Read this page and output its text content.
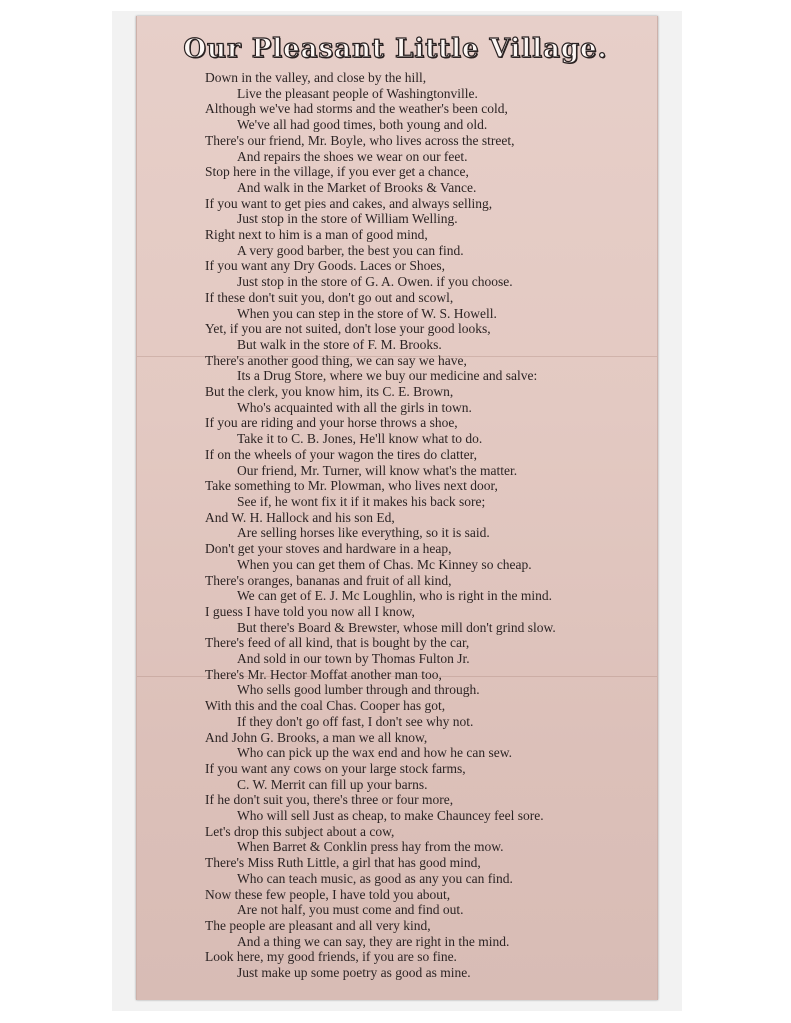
Our Pleasant Little Village.
Down in the valley, and close by the hill,
Live the pleasant people of Washingtonville.
Although we've had storms and the weather's been cold,
We've all had good times, both young and old.
There's our friend, Mr. Boyle, who lives across the street,
And repairs the shoes we wear on our feet.
Stop here in the village, if you ever get a chance,
And walk in the Market of Brooks & Vance.
If you want to get pies and cakes, and always selling,
Just stop in the store of William Welling.
Right next to him is a man of good mind,
A very good barber, the best you can find.
If you want any Dry Goods. Laces or Shoes,
Just stop in the store of G. A. Owen. if you choose.
If these don't suit you, don't go out and scowl,
When you can step in the store of W. S. Howell.
Yet, if you are not suited, don't lose your good looks,
But walk in the store of F. M. Brooks.
There's another good thing, we can say we have,
Its a Drug Store, where we buy our medicine and salve:
But the clerk, you know him, its C. E. Brown,
Who's acquainted with all the girls in town.
If you are riding and your horse throws a shoe,
Take it to C. B. Jones, He'll know what to do.
If on the wheels of your wagon the tires do clatter,
Our friend, Mr. Turner, will know what's the matter.
Take something to Mr. Plowman, who lives next door,
See if, he wont fix it if it makes his back sore;
And W. H. Hallock and his son Ed,
Are selling horses like everything, so it is said.
Don't get your stoves and hardware in a heap,
When you can get them of Chas. Mc Kinney so cheap.
There's oranges, bananas and fruit of all kind,
We can get of E. J. Mc Loughlin, who is right in the mind.
I guess I have told you now all I know,
But there's Board & Brewster, whose mill don't grind slow.
There's feed of all kind, that is bought by the car,
And sold in our town by Thomas Fulton Jr.
There's Mr. Hector Moffat another man too,
Who sells good lumber through and through.
With this and the coal Chas. Cooper has got,
If they don't go off fast, I don't see why not.
And John G. Brooks, a man we all know,
Who can pick up the wax end and how he can sew.
If you want any cows on your large stock farms,
C. W. Merrit can fill up your barns.
If he don't suit you, there's three or four more,
Who will sell Just as cheap, to make Chauncey feel sore.
Let's drop this subject about a cow,
When Barret & Conklin press hay from the mow.
There's Miss Ruth Little, a girl that has good mind,
Who can teach music, as good as any you can find.
Now these few people, I have told you about,
Are not half, you must come and find out.
The people are pleasant and all very kind,
And a thing we can say, they are right in the mind.
Look here, my good friends, if you are so fine.
Just make up some poetry as good as mine.
